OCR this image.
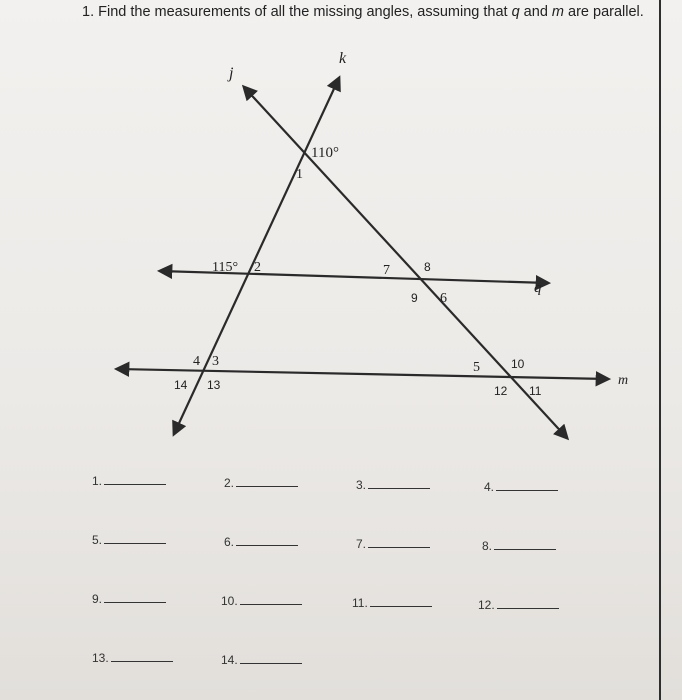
1. Find the measurements of all the missing angles, assuming that q and m are parallel.
j
k
q
m
110°
115°
1
2
3
4	5
6
7	8
9
10
11
12
13
14
1.	2.	3.	4.
5.	6.	7.	8.
9.	10.	11.	12.
13.	14.
